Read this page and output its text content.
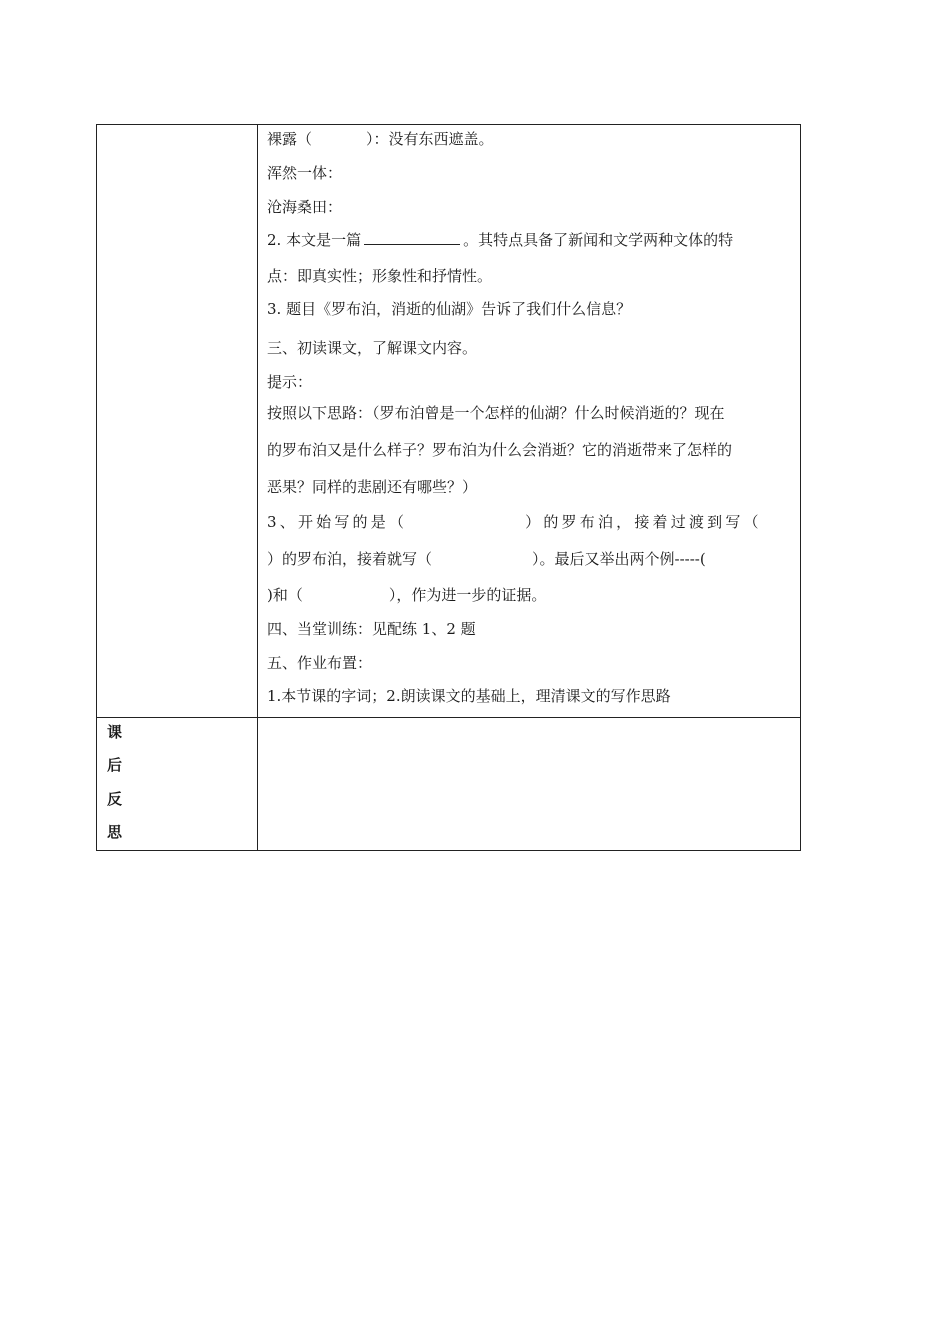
裸露（	）：没有东西遮盖。
浑然一体：
沧海桑田：
2. 本文是一篇	。其特点具备了新闻和文学两种文体的特
点：即真实性；形象性和抒情性。
3. 题目《罗布泊，消逝的仙湖》告诉了我们什么信息？
三、初读课文，了解课文内容。
提示：
按照以下思路：（罗布泊曾是一个怎样的仙湖？什么时候消逝的？现在
的罗布泊又是什么样子？罗布泊为什么会消逝？它的消逝带来了怎样的
恶果？同样的悲剧还有哪些？）
3、开始写的是（	）的罗布泊，接着过渡到写（
）的罗布泊，接着就写（	）。最后又举出两个例-----(
)和（	），作为进一步的证据。
四、当堂训练：见配练 1、2 题
五、作业布置：
1.本节课的字词；2.朗读课文的基础上，理清课文的写作思路
课
后
反
思
